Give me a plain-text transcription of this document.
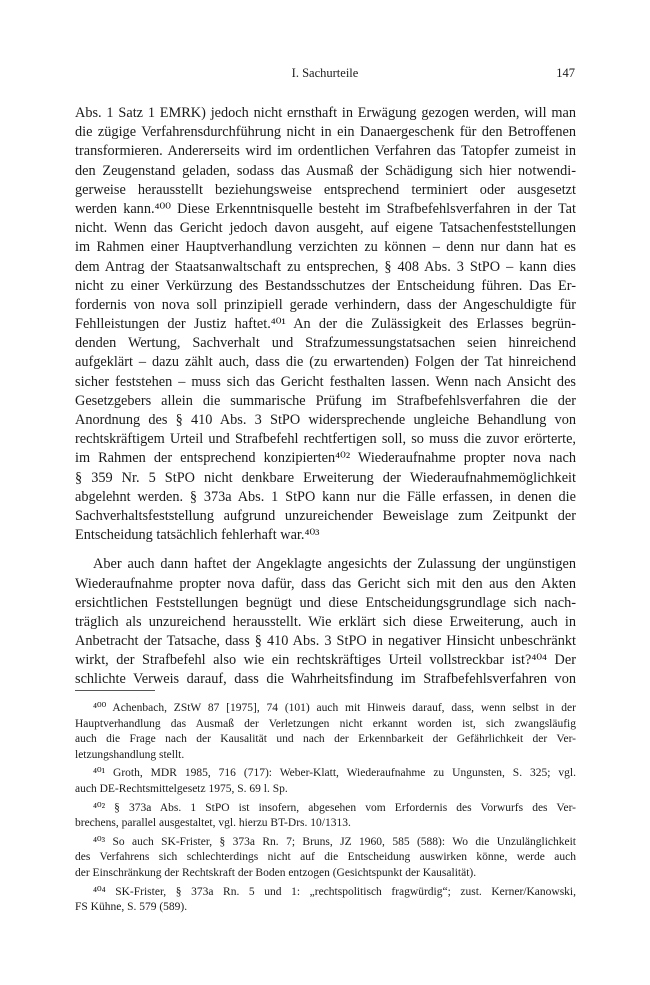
I. Sachurteile	147
Abs. 1 Satz 1 EMRK) jedoch nicht ernsthaft in Erwägung gezogen werden, will man
die zügige Verfahrensdurchführung nicht in ein Danaergeschenk für den Betroffenen
transformieren. Andererseits wird im ordentlichen Verfahren das Tatopfer zumeist in
den Zeugenstand geladen, sodass das Ausmaß der Schädigung sich hier notwendi-
gerweise herausstellt beziehungsweise entsprechend terminiert oder ausgesetzt
werden kann.⁴⁰⁰ Diese Erkenntnisquelle besteht im Strafbefehlsverfahren in der Tat
nicht. Wenn das Gericht jedoch davon ausgeht, auf eigene Tatsachenfeststellungen
im Rahmen einer Hauptverhandlung verzichten zu können – denn nur dann hat es
dem Antrag der Staatsanwaltschaft zu entsprechen, § 408 Abs. 3 StPO – kann dies
nicht zu einer Verkürzung des Bestandsschutzes der Entscheidung führen. Das Er-
fordernis von nova soll prinzipiell gerade verhindern, dass der Angeschuldigte für
Fehlleistungen der Justiz haftet.⁴⁰¹ An der die Zulässigkeit des Erlasses begrün-
denden Wertung, Sachverhalt und Strafzumessungstatsachen seien hinreichend
aufgeklärt – dazu zählt auch, dass die (zu erwartenden) Folgen der Tat hinreichend
sicher feststehen – muss sich das Gericht festhalten lassen. Wenn nach Ansicht des
Gesetzgebers allein die summarische Prüfung im Strafbefehlsverfahren die der
Anordnung des § 410 Abs. 3 StPO widersprechende ungleiche Behandlung von
rechtskräftigem Urteil und Strafbefehl rechtfertigen soll, so muss die zuvor erörterte,
im Rahmen der entsprechend konzipierten⁴⁰² Wiederaufnahme propter nova nach
§ 359 Nr. 5 StPO nicht denkbare Erweiterung der Wiederaufnahmemöglichkeit
abgelehnt werden. § 373a Abs. 1 StPO kann nur die Fälle erfassen, in denen die
Sachverhaltsfeststellung aufgrund unzureichender Beweislage zum Zeitpunkt der
Entscheidung tatsächlich fehlerhaft war.⁴⁰³
Aber auch dann haftet der Angeklagte angesichts der Zulassung der ungünstigen
Wiederaufnahme propter nova dafür, dass das Gericht sich mit den aus den Akten
ersichtlichen Feststellungen begnügt und diese Entscheidungsgrundlage sich nach-
träglich als unzureichend herausstellt. Wie erklärt sich diese Erweiterung, auch in
Anbetracht der Tatsache, dass § 410 Abs. 3 StPO in negativer Hinsicht unbeschränkt
wirkt, der Strafbefehl also wie ein rechtskräftiges Urteil vollstreckbar ist?⁴⁰⁴ Der
schlichte Verweis darauf, dass die Wahrheitsfindung im Strafbefehlsverfahren von
⁴⁰⁰ Achenbach, ZStW 87 [1975], 74 (101) auch mit Hinweis darauf, dass, wenn selbst in der
Hauptverhandlung das Ausmaß der Verletzungen nicht erkannt worden ist, sich zwangsläufig
auch die Frage nach der Kausalität und nach der Erkennbarkeit der Gefährlichkeit der Ver-
letzungshandlung stellt.
⁴⁰¹ Groth, MDR 1985, 716 (717): Weber-Klatt, Wiederaufnahme zu Ungunsten, S. 325; vgl.
auch DE-Rechtsmittelgesetz 1975, S. 69 l. Sp.
⁴⁰² § 373a Abs. 1 StPO ist insofern, abgesehen vom Erfordernis des Vorwurfs des Ver-
brechens, parallel ausgestaltet, vgl. hierzu BT-Drs. 10/1313.
⁴⁰³ So auch SK-Frister, § 373a Rn. 7; Bruns, JZ 1960, 585 (588): Wo die Unzulänglichkeit
des Verfahrens sich schlechterdings nicht auf die Entscheidung auswirken könne, werde auch
der Einschränkung der Rechtskraft der Boden entzogen (Gesichtspunkt der Kausalität).
⁴⁰⁴ SK-Frister, § 373a Rn. 5 und 1: „rechtspolitisch fragwürdig“; zust. Kerner/Kanowski,
FS Kühne, S. 579 (589).
